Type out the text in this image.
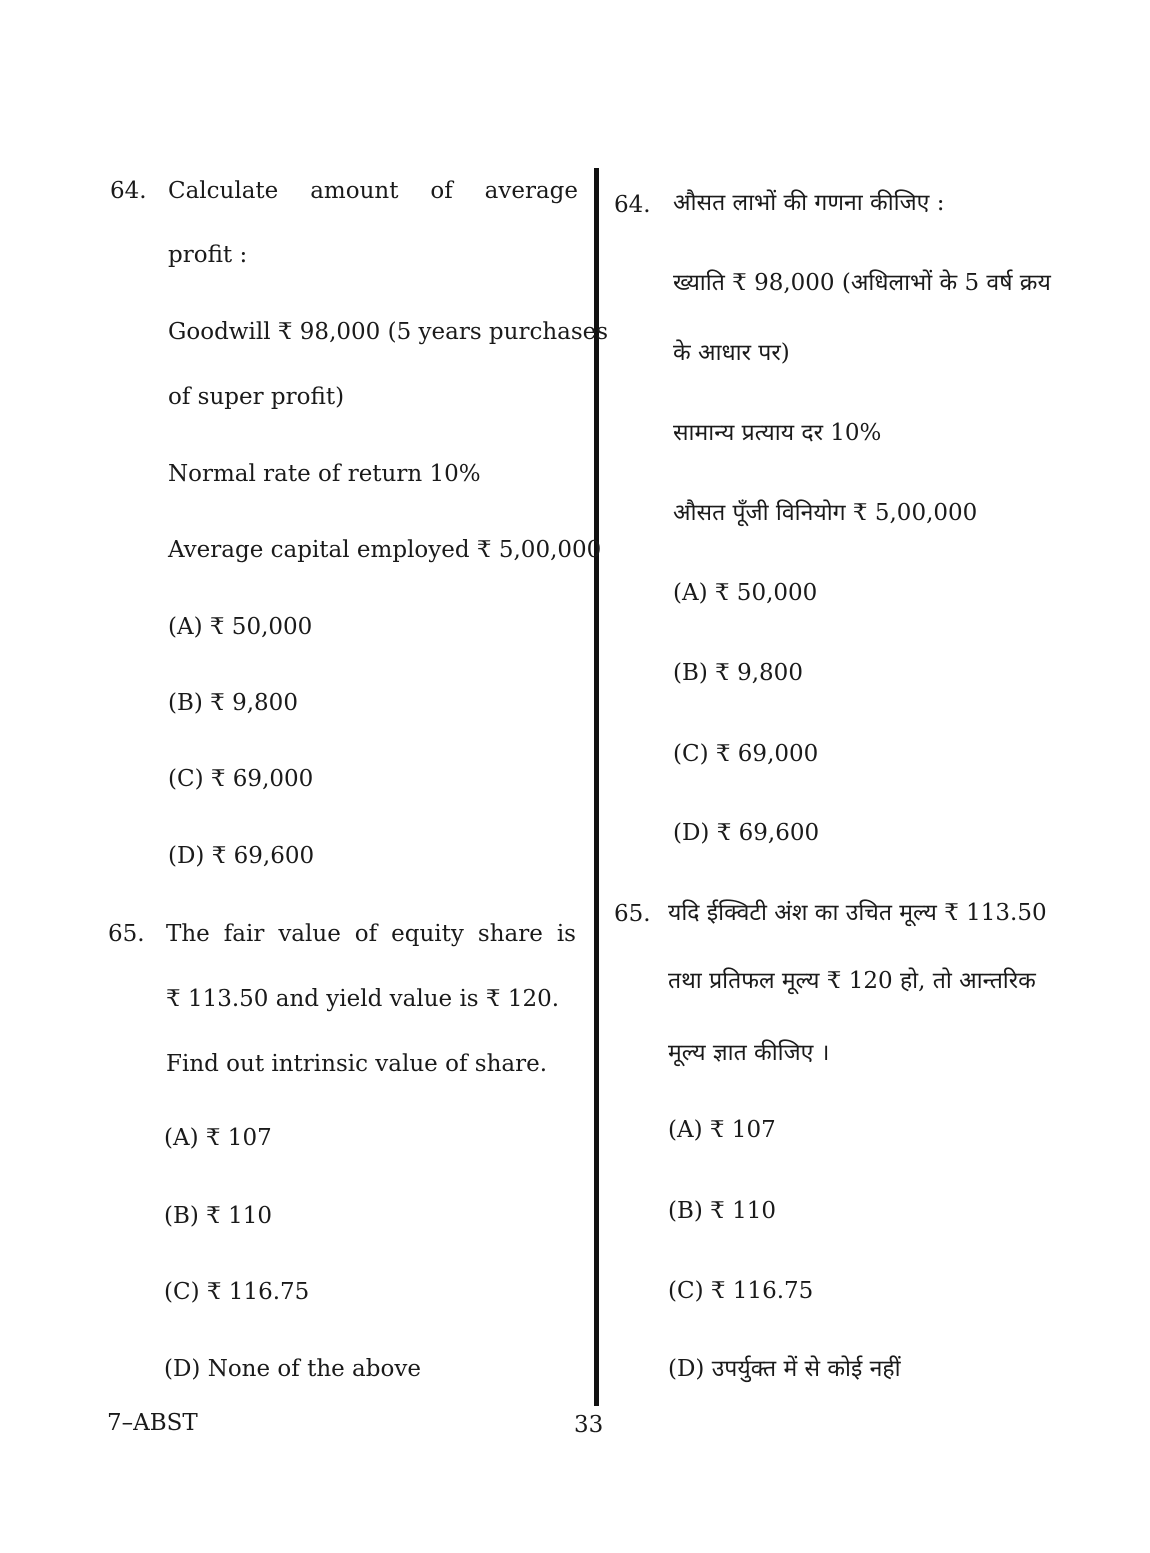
64. Calculate amount of average
profit :
Goodwill ₹ 98,000 (5 years purchases
of super profit)
Normal rate of return 10%
Average capital employed ₹ 5,00,000
(A) ₹ 50,000
(B) ₹ 9,800
(C) ₹ 69,000
(D) ₹ 69,600
65. The fair value of equity share is
₹ 113.50 and yield value is ₹ 120.
Find out intrinsic value of share.
(A) ₹ 107
(B) ₹ 110
(C) ₹ 116.75
(D) None of the above
64. औसत लाभों की गणना कीजिए :
ख्याति ₹ 98,000 (अधिलाभों के 5 वर्ष क्रय
के आधार पर)
सामान्य प्रत्याय दर 10%
औसत पूँजी विनियोग ₹ 5,00,000
(A) ₹ 50,000
(B) ₹ 9,800
(C) ₹ 69,000
(D) ₹ 69,600
65. यदि ईक्विटी अंश का उचित मूल्य ₹ 113.50
तथा प्रतिफल मूल्य ₹ 120 हो, तो आन्तरिक
मूल्य ज्ञात कीजिए ।
(A) ₹ 107
(B) ₹ 110
(C) ₹ 116.75
(D) उपर्युक्त में से कोई नहीं
7–ABST	33
